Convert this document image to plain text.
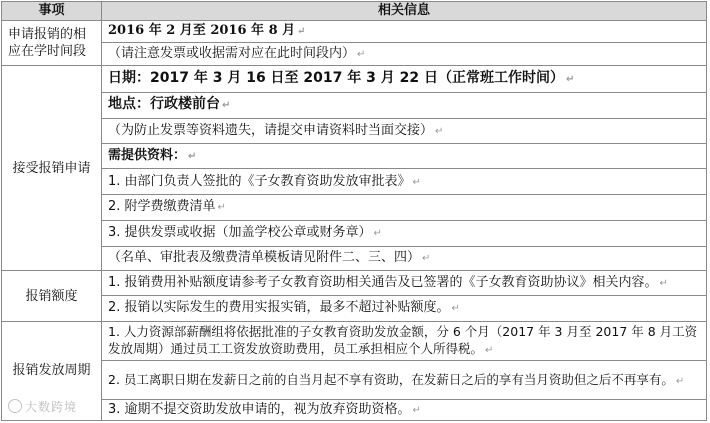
事项	相关信息
申请报销的相应在学时间段	2016 年 2 月至 2016 年 8 月 ↵
	（请注意发票或收据需对应在此时间段内） ↵
接受报销申请	日期：2017 年 3 月 16 日至 2017 年 3 月 22 日（正常班工作时间） ↵
	地点：行政楼前台 ↵
	（为防止发票等资料遗失，请提交申请资料时当面交接） ↵
	需提供资料： ↵
	1. 由部门负责人签批的《子女教育资助发放审批表》 ↵
	2. 附学费缴费清单 ↵
	3. 提供发票或收据（加盖学校公章或财务章） ↵
	（名单、审批表及缴费清单模板请见附件二、三、四） ↵
报销额度	1. 报销费用补贴额度请参考子女教育资助相关通告及已签署的《子女教育资助协议》相关内容。 ↵
	2. 报销以实际发生的费用实报实销，最多不超过补贴额度。 ↵
报销发放周期	1. 人力资源部薪酬组将依据批准的子女教育资助发放金额，分 6 个月（2017 年 3 月至 2017 年 8 月工资发放周期）通过员工工资发放资助费用，员工承担相应个人所得税。 ↵
	2. 员工离职日期在发薪日之前的自当月起不享有资助，在发薪日之后的享有当月资助但之后不再享有。 ↵
	3. 逾期不提交资助发放申请的，视为放弃资助资格。 ↵
大数跨境
